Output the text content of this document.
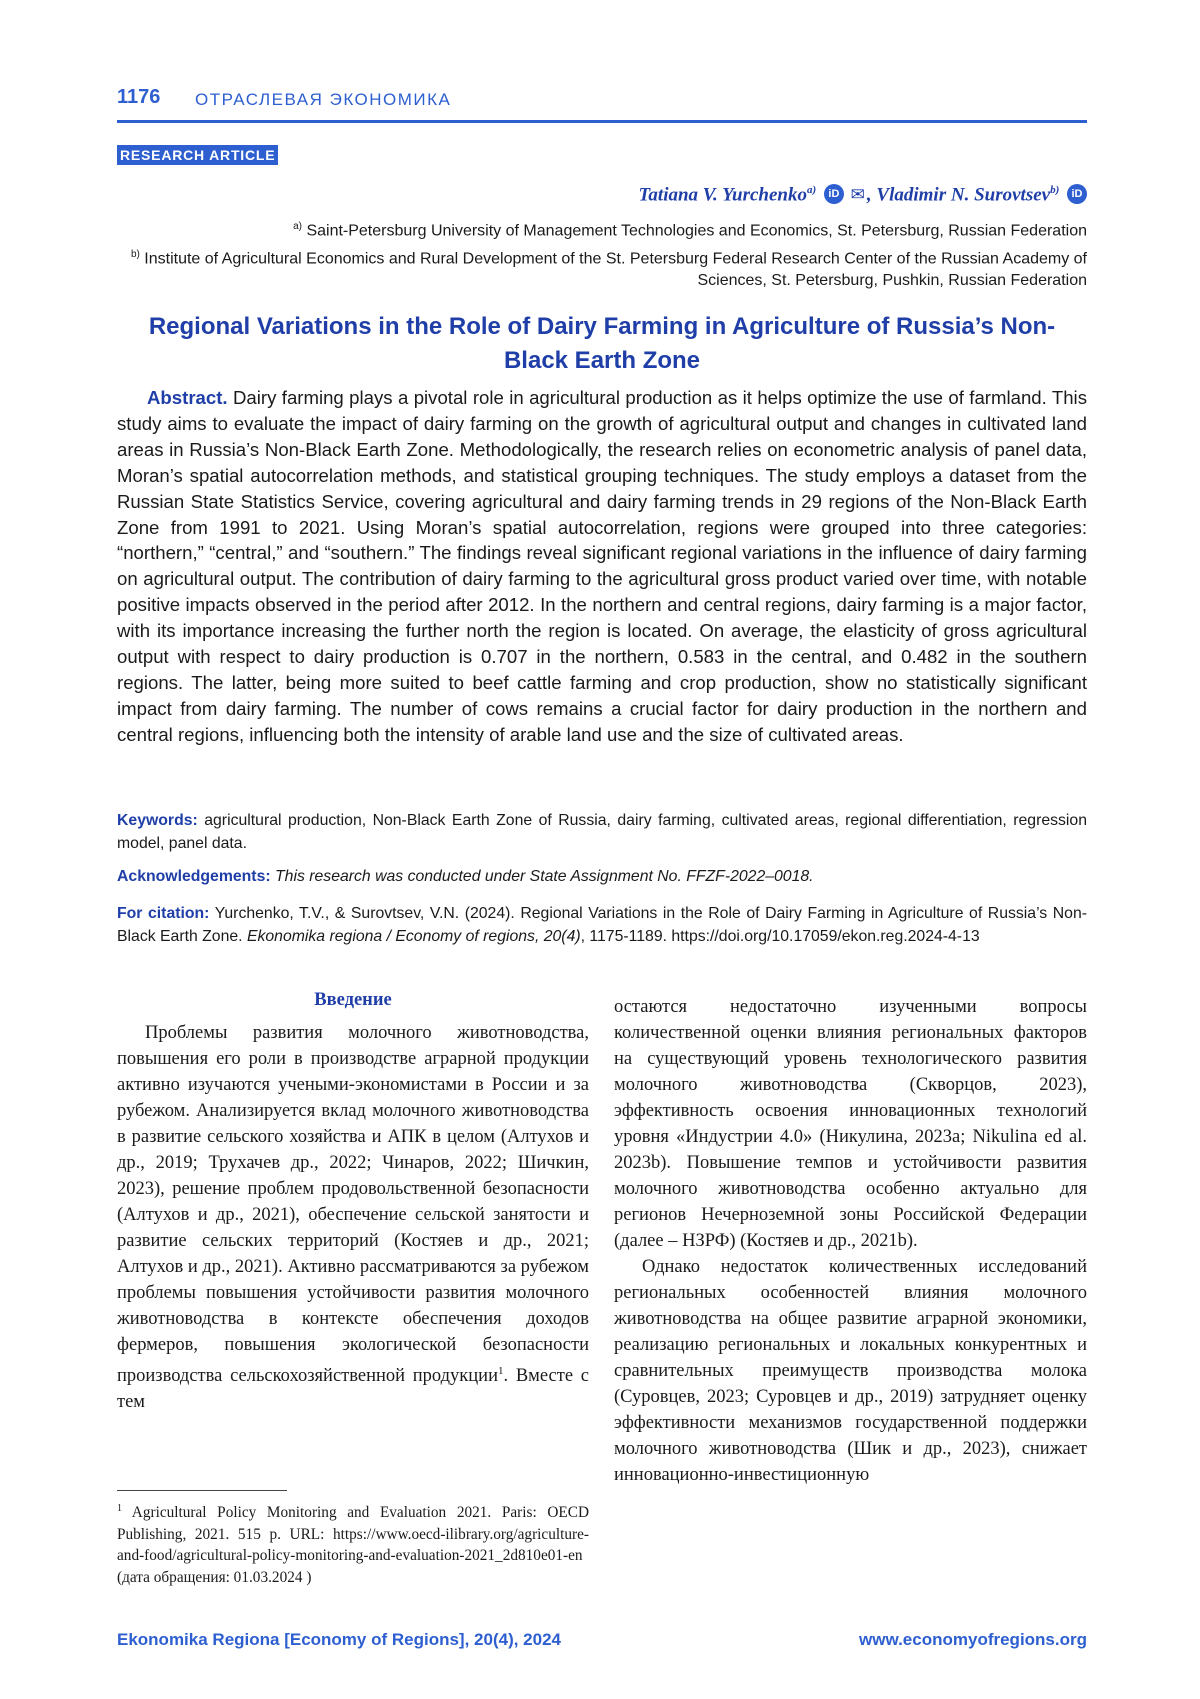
1176 ОТРАСЛЕВАЯ ЭКОНОМИКА
RESEARCH ARTICLE
Tatiana V. Yurchenko$^{a)}$ iD ✉ , Vladimir N. Surovtsev$^{b)}$ iD
$^{a)}$ Saint-Petersburg University of Management Technologies and Economics, St. Petersburg, Russian Federation
$^{b)}$ Institute of Agricultural Economics and Rural Development of the St. Petersburg Federal Research Center of the Russian Academy of Sciences, St. Petersburg, Pushkin, Russian Federation
Regional Variations in the Role of Dairy Farming in Agriculture of Russia’s Non-Black Earth Zone
Abstract. Dairy farming plays a pivotal role in agricultural production as it helps optimize the use of farmland. This study aims to evaluate the impact of dairy farming on the growth of agricultural output and changes in cultivated land areas in Russia’s Non-Black Earth Zone. Methodologically, the research relies on econometric analysis of panel data, Moran’s spatial autocorrelation methods, and statistical grouping techniques. The study employs a dataset from the Russian State Statistics Service, covering agricultural and dairy farming trends in 29 regions of the Non-Black Earth Zone from 1991 to 2021. Using Moran’s spatial autocorrelation, regions were grouped into three categories: “northern,” “central,” and “southern.” The findings reveal significant regional variations in the influence of dairy farming on agricultural output. The contribution of dairy farming to the agricultural gross product varied over time, with notable positive impacts observed in the period after 2012. In the northern and central regions, dairy farming is a major factor, with its importance increasing the further north the region is located. On average, the elasticity of gross agricultural output with respect to dairy production is 0.707 in the northern, 0.583 in the central, and 0.482 in the southern regions. The latter, being more suited to beef cattle farming and crop production, show no statistically significant impact from dairy farming. The number of cows remains a crucial factor for dairy production in the northern and central regions, influencing both the intensity of arable land use and the size of cultivated areas.
Keywords: agricultural production, Non-Black Earth Zone of Russia, dairy farming, cultivated areas, regional differentiation, regression model, panel data.
Acknowledgements: This research was conducted under State Assignment No. FFZF-2022–0018.
For citation: Yurchenko, T.V., & Surovtsev, V.N. (2024). Regional Variations in the Role of Dairy Farming in Agriculture of Russia’s Non-Black Earth Zone. Ekonomika regiona / Economy of regions, 20(4), 1175-1189. https://doi.org/10.17059/ekon.reg.2024-4-13
Введение

Проблемы развития молочного животноводства, повышения его роли в производстве аграрной продукции активно изучаются учеными-экономистами в России и за рубежом. Анализируется вклад молочного животноводства в развитие сельского хозяйства и АПК в целом (Алтухов и др., 2019; Трухачев др., 2022; Чинаров, 2022; Шичкин, 2023), решение проблем продовольственной безопасности (Алтухов и др., 2021), обеспечение сельской занятости и развитие сельских территорий (Костяев и др., 2021; Алтухов и др., 2021). Активно рассматриваются за рубежом проблемы повышения устойчивости развития молочного животноводства в контексте обеспечения доходов фермеров, повышения экологической безопасности производства сельскохозяйственной продукции$^1$. Вместе с тем

остаются недостаточно изученными вопросы количественной оценки влияния региональных факторов на существующий уровень технологического развития молочного животноводства (Скворцов, 2023), эффективность освоения инновационных технологий уровня «Индустрии 4.0» (Никулина, 2023a; Nikulina ed al. 2023b). Повышение темпов и устойчивости развития молочного животноводства особенно актуально для регионов Нечерноземной зоны Российской Федерации (далее – НЗРФ) (Костяев и др., 2021b).

Однако недостаток количественных исследований региональных особенностей влияния молочного животноводства на общее развитие аграрной экономики, реализацию региональных и локальных конкурентных и сравнительных преимуществ производства молока (Суровцев, 2023; Суровцев и др., 2019) затрудняет оценку эффективности механизмов государственной поддержки молочного животноводства (Шик и др., 2023), снижает инновационно-инвестиционную

$^1$ Agricultural Policy Monitoring and Evaluation 2021. Paris: OECD Publishing, 2021. 515 p. URL: https://www.oecd-ilibrary.org/agriculture-and-food/agricultural-policy-monitoring-and-evaluation-2021_2d810e01-en (дата обращения: 01.03.2024 )
Ekonomika Regiona [Economy of Regions], 20(4), 2024	www.economyofregions.org
